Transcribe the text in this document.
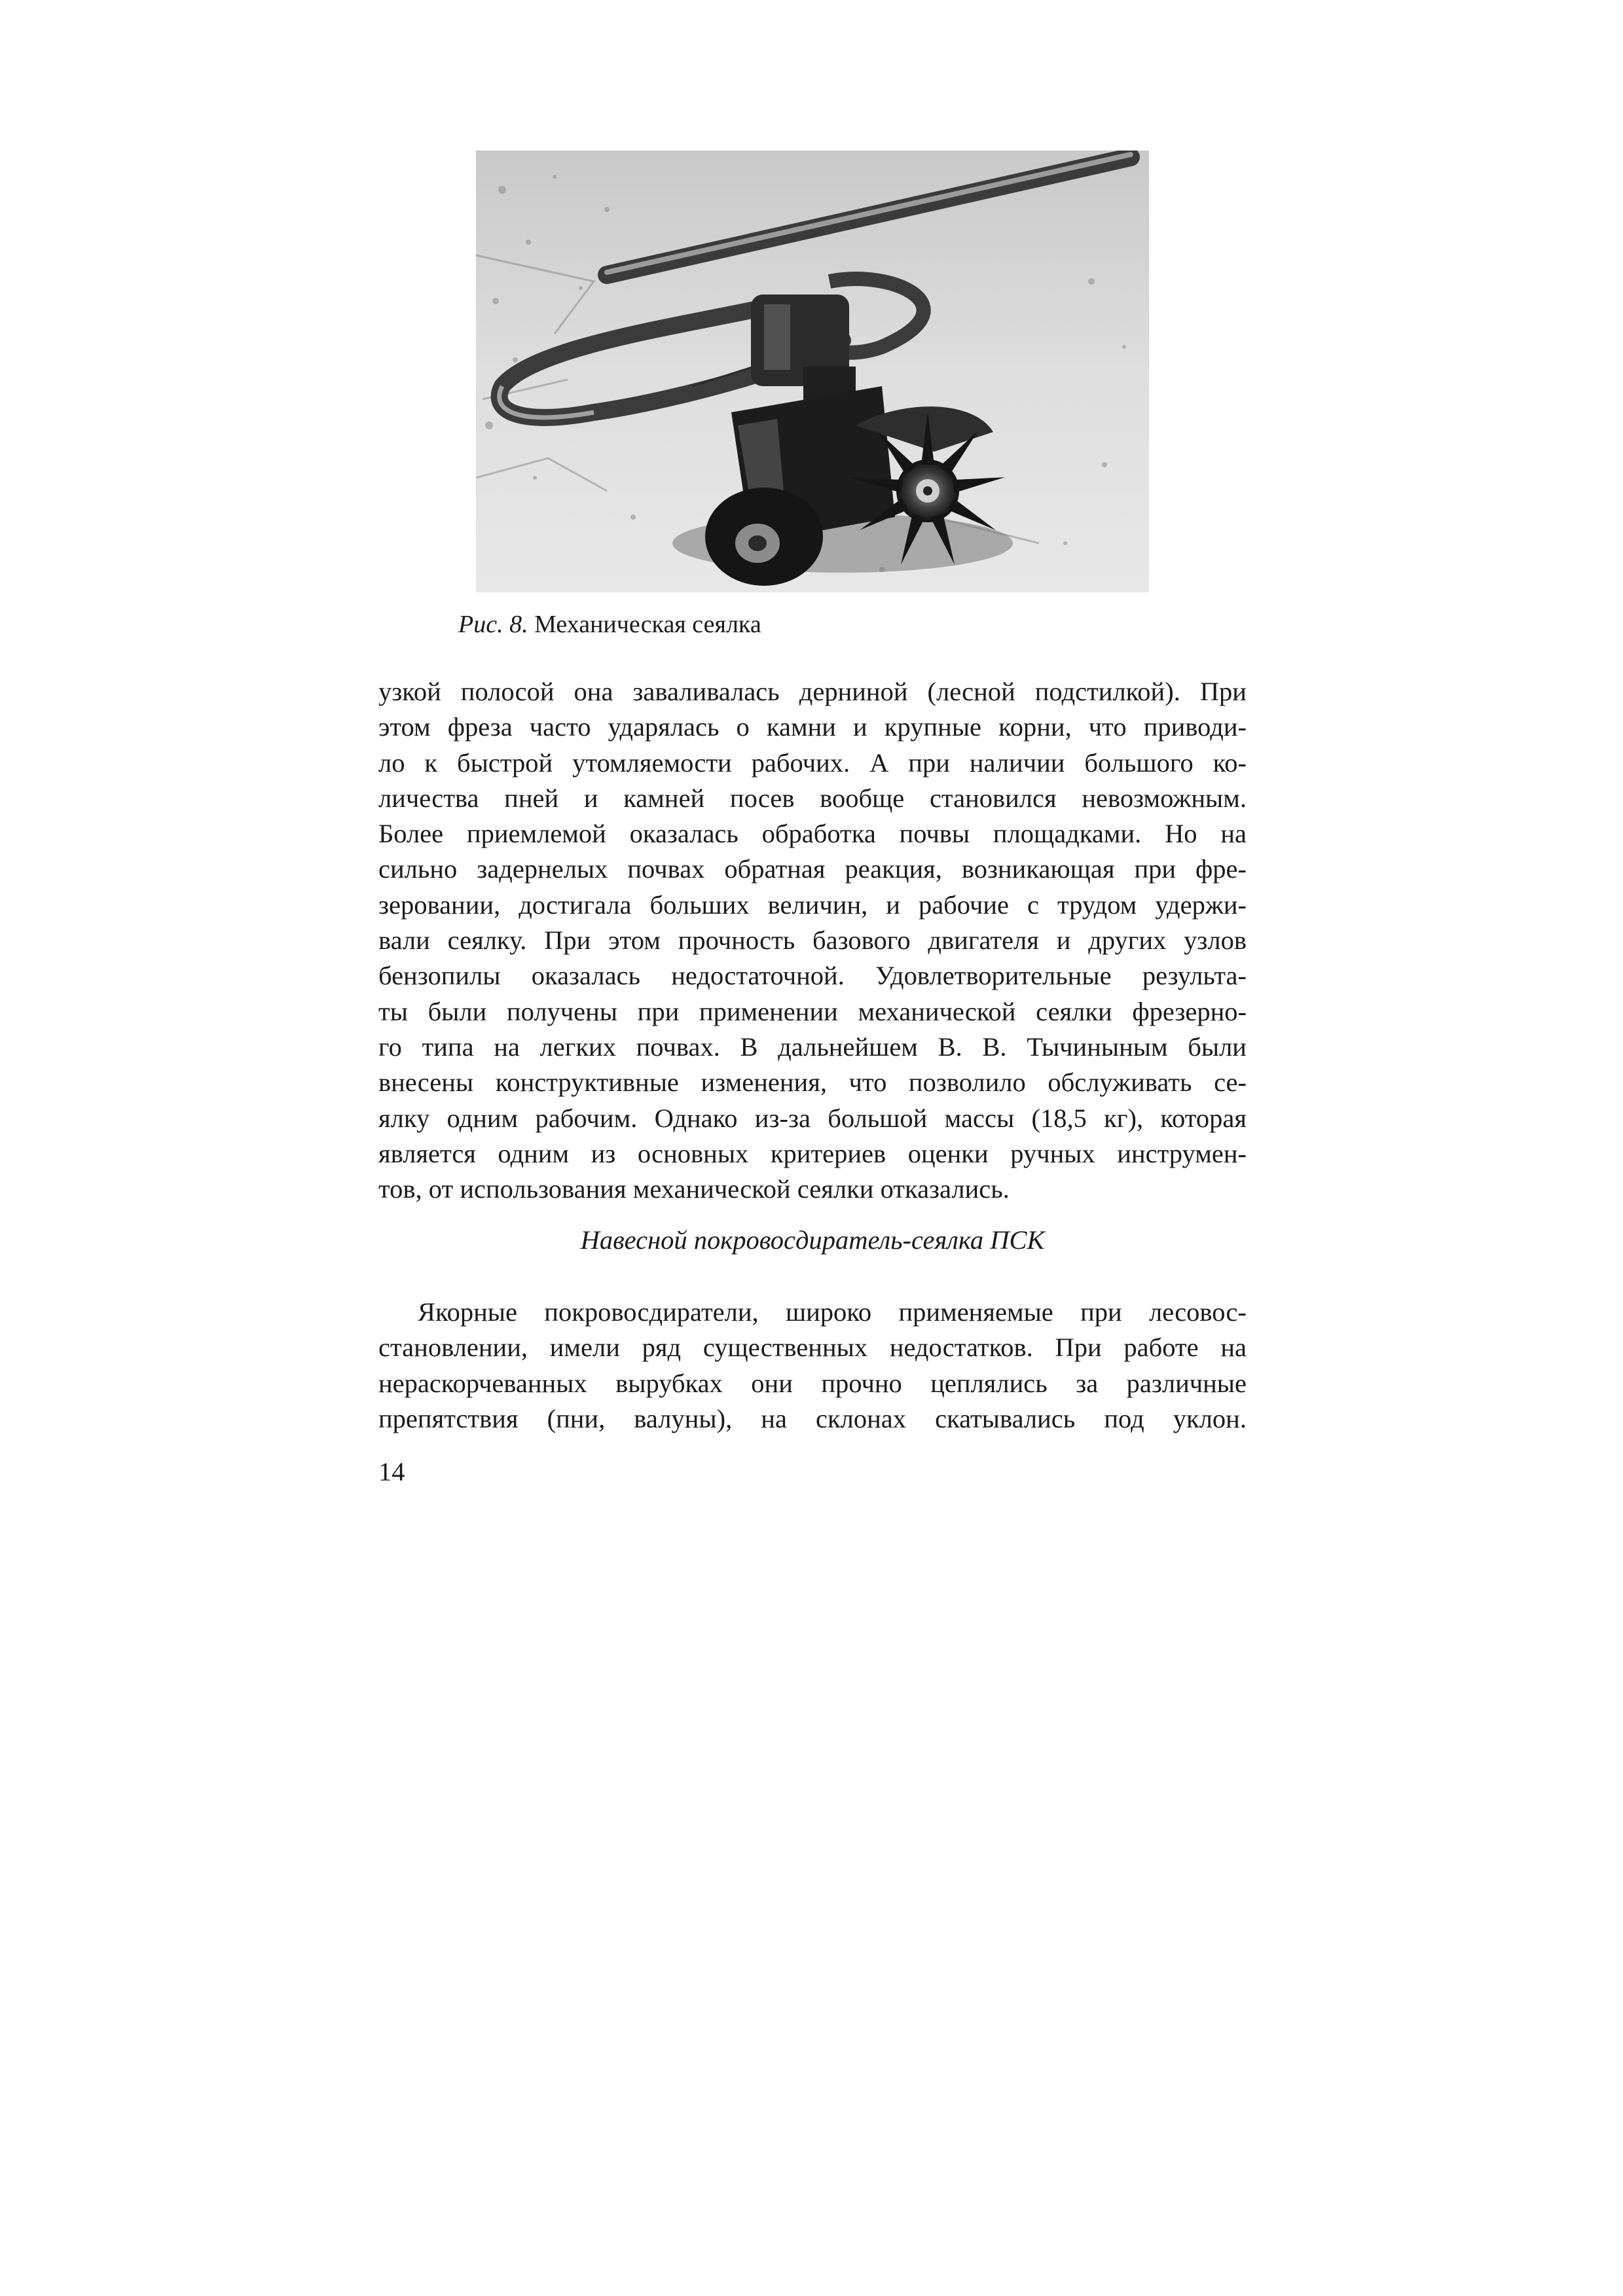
Рис. 8. Механическая сеялка
узкой полосой она заваливалась дерниной (лесной подстилкой). При
этом фреза часто ударялась о камни и крупные корни, что приводи-
ло к быстрой утомляемости рабочих. А при наличии большого ко-
личества пней и камней посев вообще становился невозможным.
Более приемлемой оказалась обработка почвы площадками. Но на
сильно задернелых почвах обратная реакция, возникающая при фре-
зеровании, достигала больших величин, и рабочие с трудом удержи-
вали сеялку. При этом прочность базового двигателя и других узлов
бензопилы оказалась недостаточной. Удовлетворительные результа-
ты были получены при применении механической сеялки фрезерно-
го типа на легких почвах. В дальнейшем В. В. Тычиныным были
внесены конструктивные изменения, что позволило обслуживать се-
ялку одним рабочим. Однако из-за большой массы (18,5 кг), которая
является одним из основных критериев оценки ручных инструмен-
тов, от использования механической сеялки отказались.
Навесной покровосдиратель-сеялка ПСК
Якорные покровосдиратели, широко применяемые при лесовос-
становлении, имели ряд существенных недостатков. При работе на
нераскорчеванных вырубках они прочно цеплялись за различные
препятствия (пни, валуны), на склонах скатывались под уклон.
14
